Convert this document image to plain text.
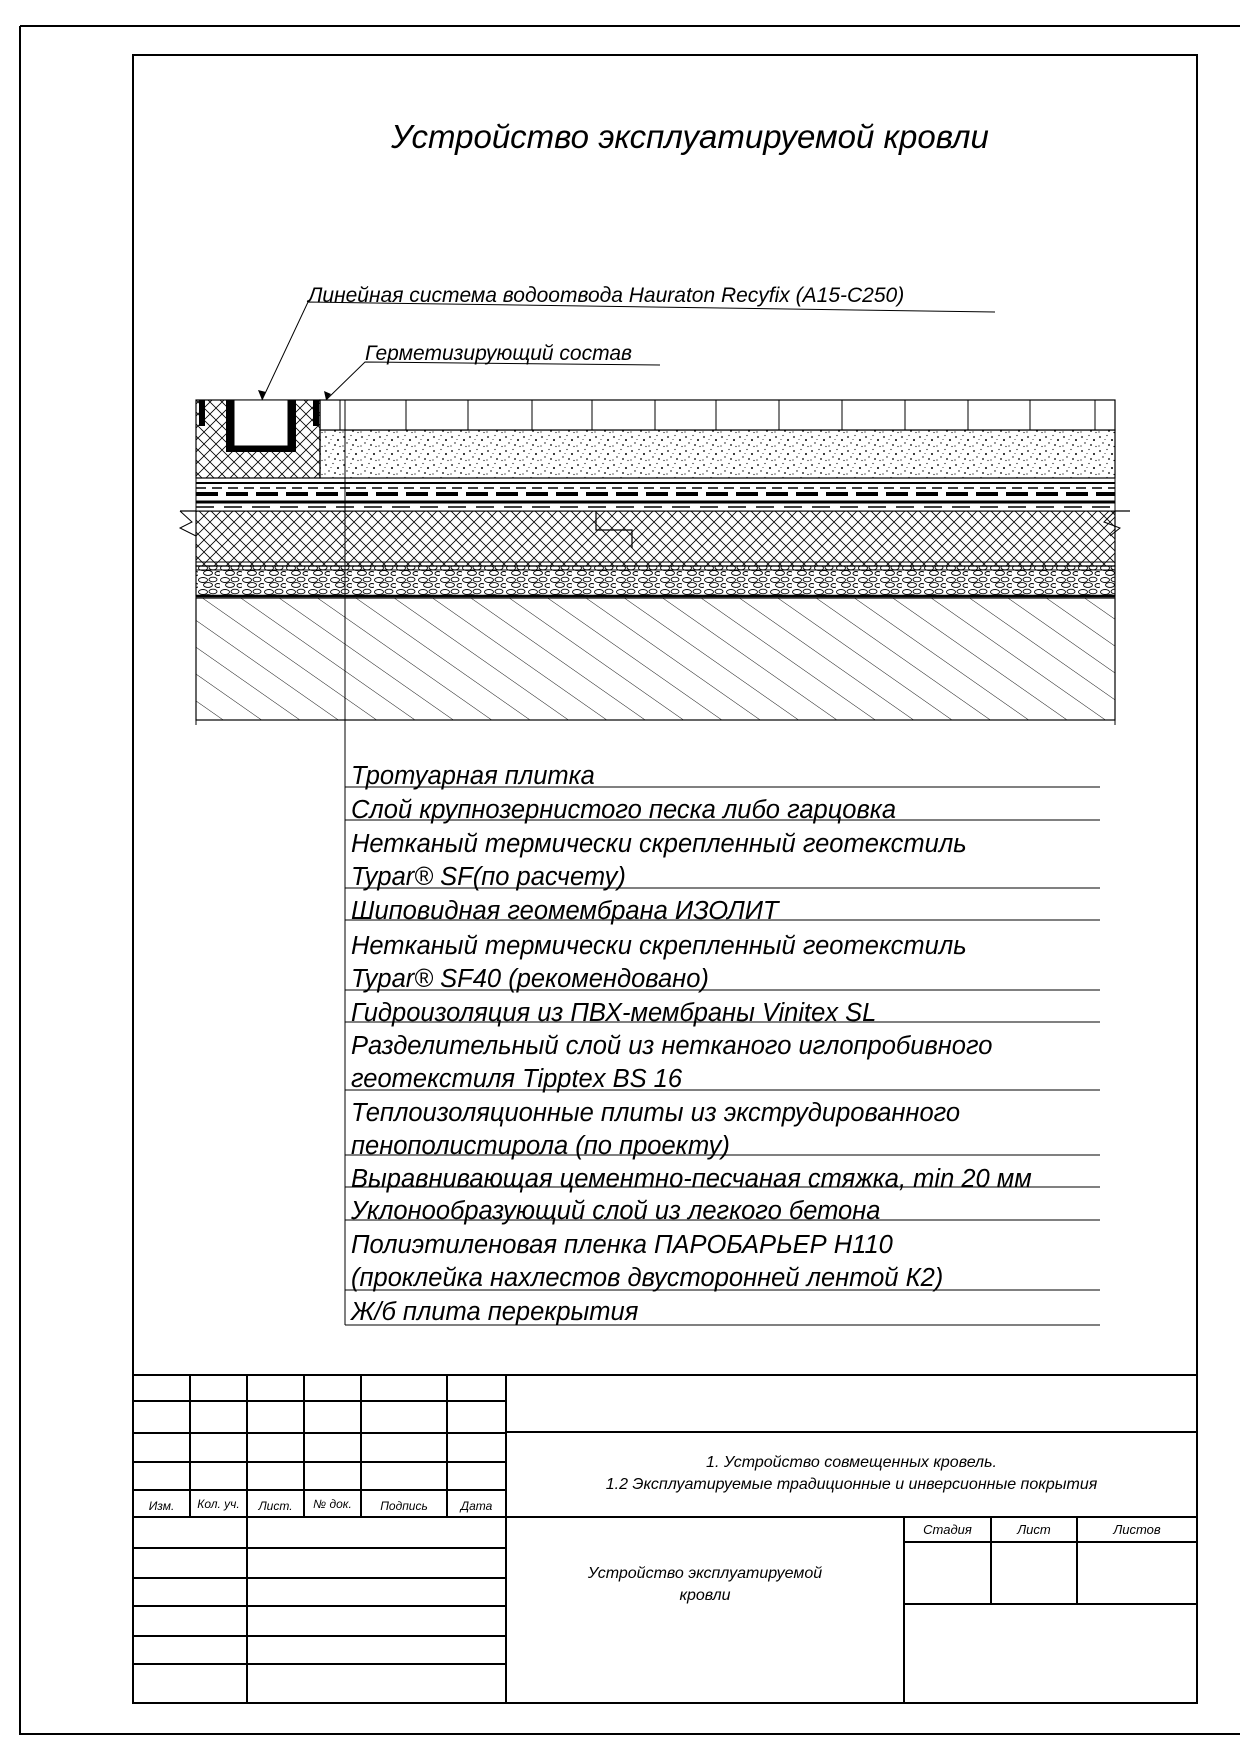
Устройство эксплуатируемой кровли
Линейная система водоотвода Hauraton Recyfix (A15-C250)
Герметизирующий состав
Тротуарная плитка
Слой крупнозернистого песка либо гарцовка
Нетканый термически скрепленный геотекстиль
Typar® SF(по расчету)
Шиповидная геомембрана ИЗОЛИТ
Нетканый термически скрепленный геотекстиль
Typar® SF40 (рекомендовано)
Гидроизоляция из ПВХ-мембраны Vinitex SL
Разделительный слой из нетканого иглопробивного
геотекстиля Tipptex BS 16
Теплоизоляционные плиты из экструдированного
пенополистирола (по проекту)
Выравнивающая цементно-песчаная стяжка, min 20 мм
Уклонообразующий слой из легкого бетона
Полиэтиленовая пленка ПАРОБАРЬЕР Н110
(проклейка нахлестов двусторонней лентой К2)
Ж/б плита перекрытия
Изм.	Кол. уч.	Лист.	№ док.	Подпись	Дата
1. Устройство совмещенных кровель.
1.2 Эксплуатируемые традиционные и инверсионные покрытия
Устройство эксплуатируемой
кровли
Стадия	Лист	Листов
